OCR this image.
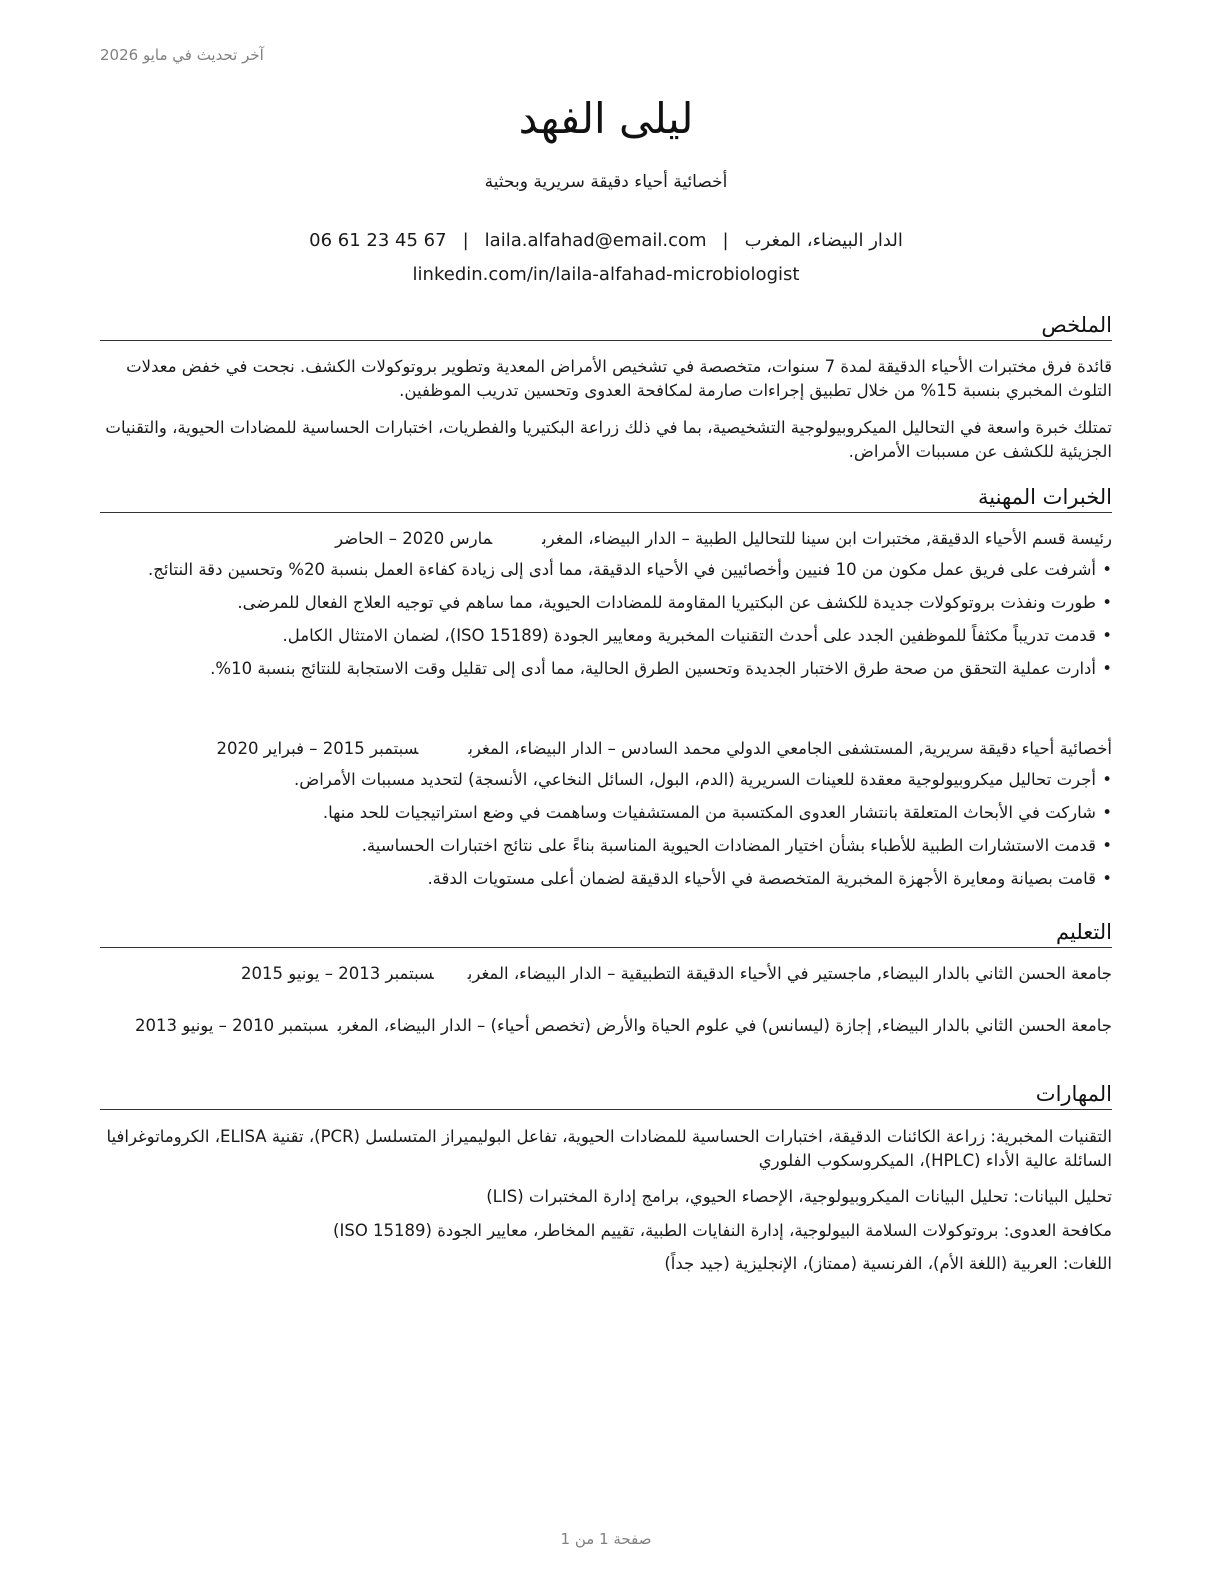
آخر تحديث في مايو 2026
ليلى الفهد
أخصائية أحياء دقيقة سريرية وبحثية
الدار البيضاء، المغرب|laila.alfahad@email.com|06 61 23 45 67
linkedin.com/in/laila-alfahad-microbiologist
الملخص

قائدة فرق مختبرات الأحياء الدقيقة لمدة 7 سنوات، متخصصة في تشخيص الأمراض المعدية وتطوير بروتوكولات الكشف. نجحت في خفض معدلات التلوث المخبري بنسبة 15% من خلال تطبيق إجراءات صارمة لمكافحة العدوى وتحسين تدريب الموظفين.

تمتلك خبرة واسعة في التحاليل الميكروبيولوجية التشخيصية، بما في ذلك زراعة البكتيريا والفطريات، اختبارات الحساسية للمضادات الحيوية، والتقنيات الجزيئية للكشف عن مسببات الأمراض.

الخبرات المهنية
رئيسة قسم الأحياء الدقيقة, مختبرات ابن سينا للتحاليل الطبية – الدار البيضاء، المغربمارس 2020 – الحاضر
• أشرفت على فريق عمل مكون من 10 فنيين وأخصائيين في الأحياء الدقيقة، مما أدى إلى زيادة كفاءة العمل بنسبة 20% وتحسين دقة النتائج.
• طورت ونفذت بروتوكولات جديدة للكشف عن البكتيريا المقاومة للمضادات الحيوية، مما ساهم في توجيه العلاج الفعال للمرضى.
• قدمت تدريباً مكثفاً للموظفين الجدد على أحدث التقنيات المخبرية ومعايير الجودة (ISO 15189)، لضمان الامتثال الكامل.
• أدارت عملية التحقق من صحة طرق الاختبار الجديدة وتحسين الطرق الحالية، مما أدى إلى تقليل وقت الاستجابة للنتائج بنسبة 10%.
أخصائية أحياء دقيقة سريرية, المستشفى الجامعي الدولي محمد السادس – الدار البيضاء، المغربسبتمبر 2015 – فبراير 2020
• أجرت تحاليل ميكروبيولوجية معقدة للعينات السريرية (الدم، البول، السائل النخاعي، الأنسجة) لتحديد مسببات الأمراض.
• شاركت في الأبحاث المتعلقة بانتشار العدوى المكتسبة من المستشفيات وساهمت في وضع استراتيجيات للحد منها.
• قدمت الاستشارات الطبية للأطباء بشأن اختيار المضادات الحيوية المناسبة بناءً على نتائج اختبارات الحساسية.
• قامت بصيانة ومعايرة الأجهزة المخبرية المتخصصة في الأحياء الدقيقة لضمان أعلى مستويات الدقة.
التعليم
جامعة الحسن الثاني بالدار البيضاء, ماجستير في الأحياء الدقيقة التطبيقية – الدار البيضاء، المغربسبتمبر 2013 – يونيو 2015
جامعة الحسن الثاني بالدار البيضاء, إجازة (ليسانس) في علوم الحياة والأرض (تخصص أحياء) – الدار البيضاء، المغربسبتمبر 2010 – يونيو 2013
المهارات
التقنيات المخبرية: زراعة الكائنات الدقيقة، اختبارات الحساسية للمضادات الحيوية، تفاعل البوليميراز المتسلسل (PCR)، تقنية ELISA، الكروماتوغرافيا السائلة عالية الأداء (HPLC)، الميكروسكوب الفلوري
تحليل البيانات: تحليل البيانات الميكروبيولوجية، الإحصاء الحيوي، برامج إدارة المختبرات (LIS)
مكافحة العدوى: بروتوكولات السلامة البيولوجية، إدارة النفايات الطبية، تقييم المخاطر، معايير الجودة (ISO 15189)
اللغات: العربية (اللغة الأم)، الفرنسية (ممتاز)، الإنجليزية (جيد جداً)
صفحة 1 من 1
